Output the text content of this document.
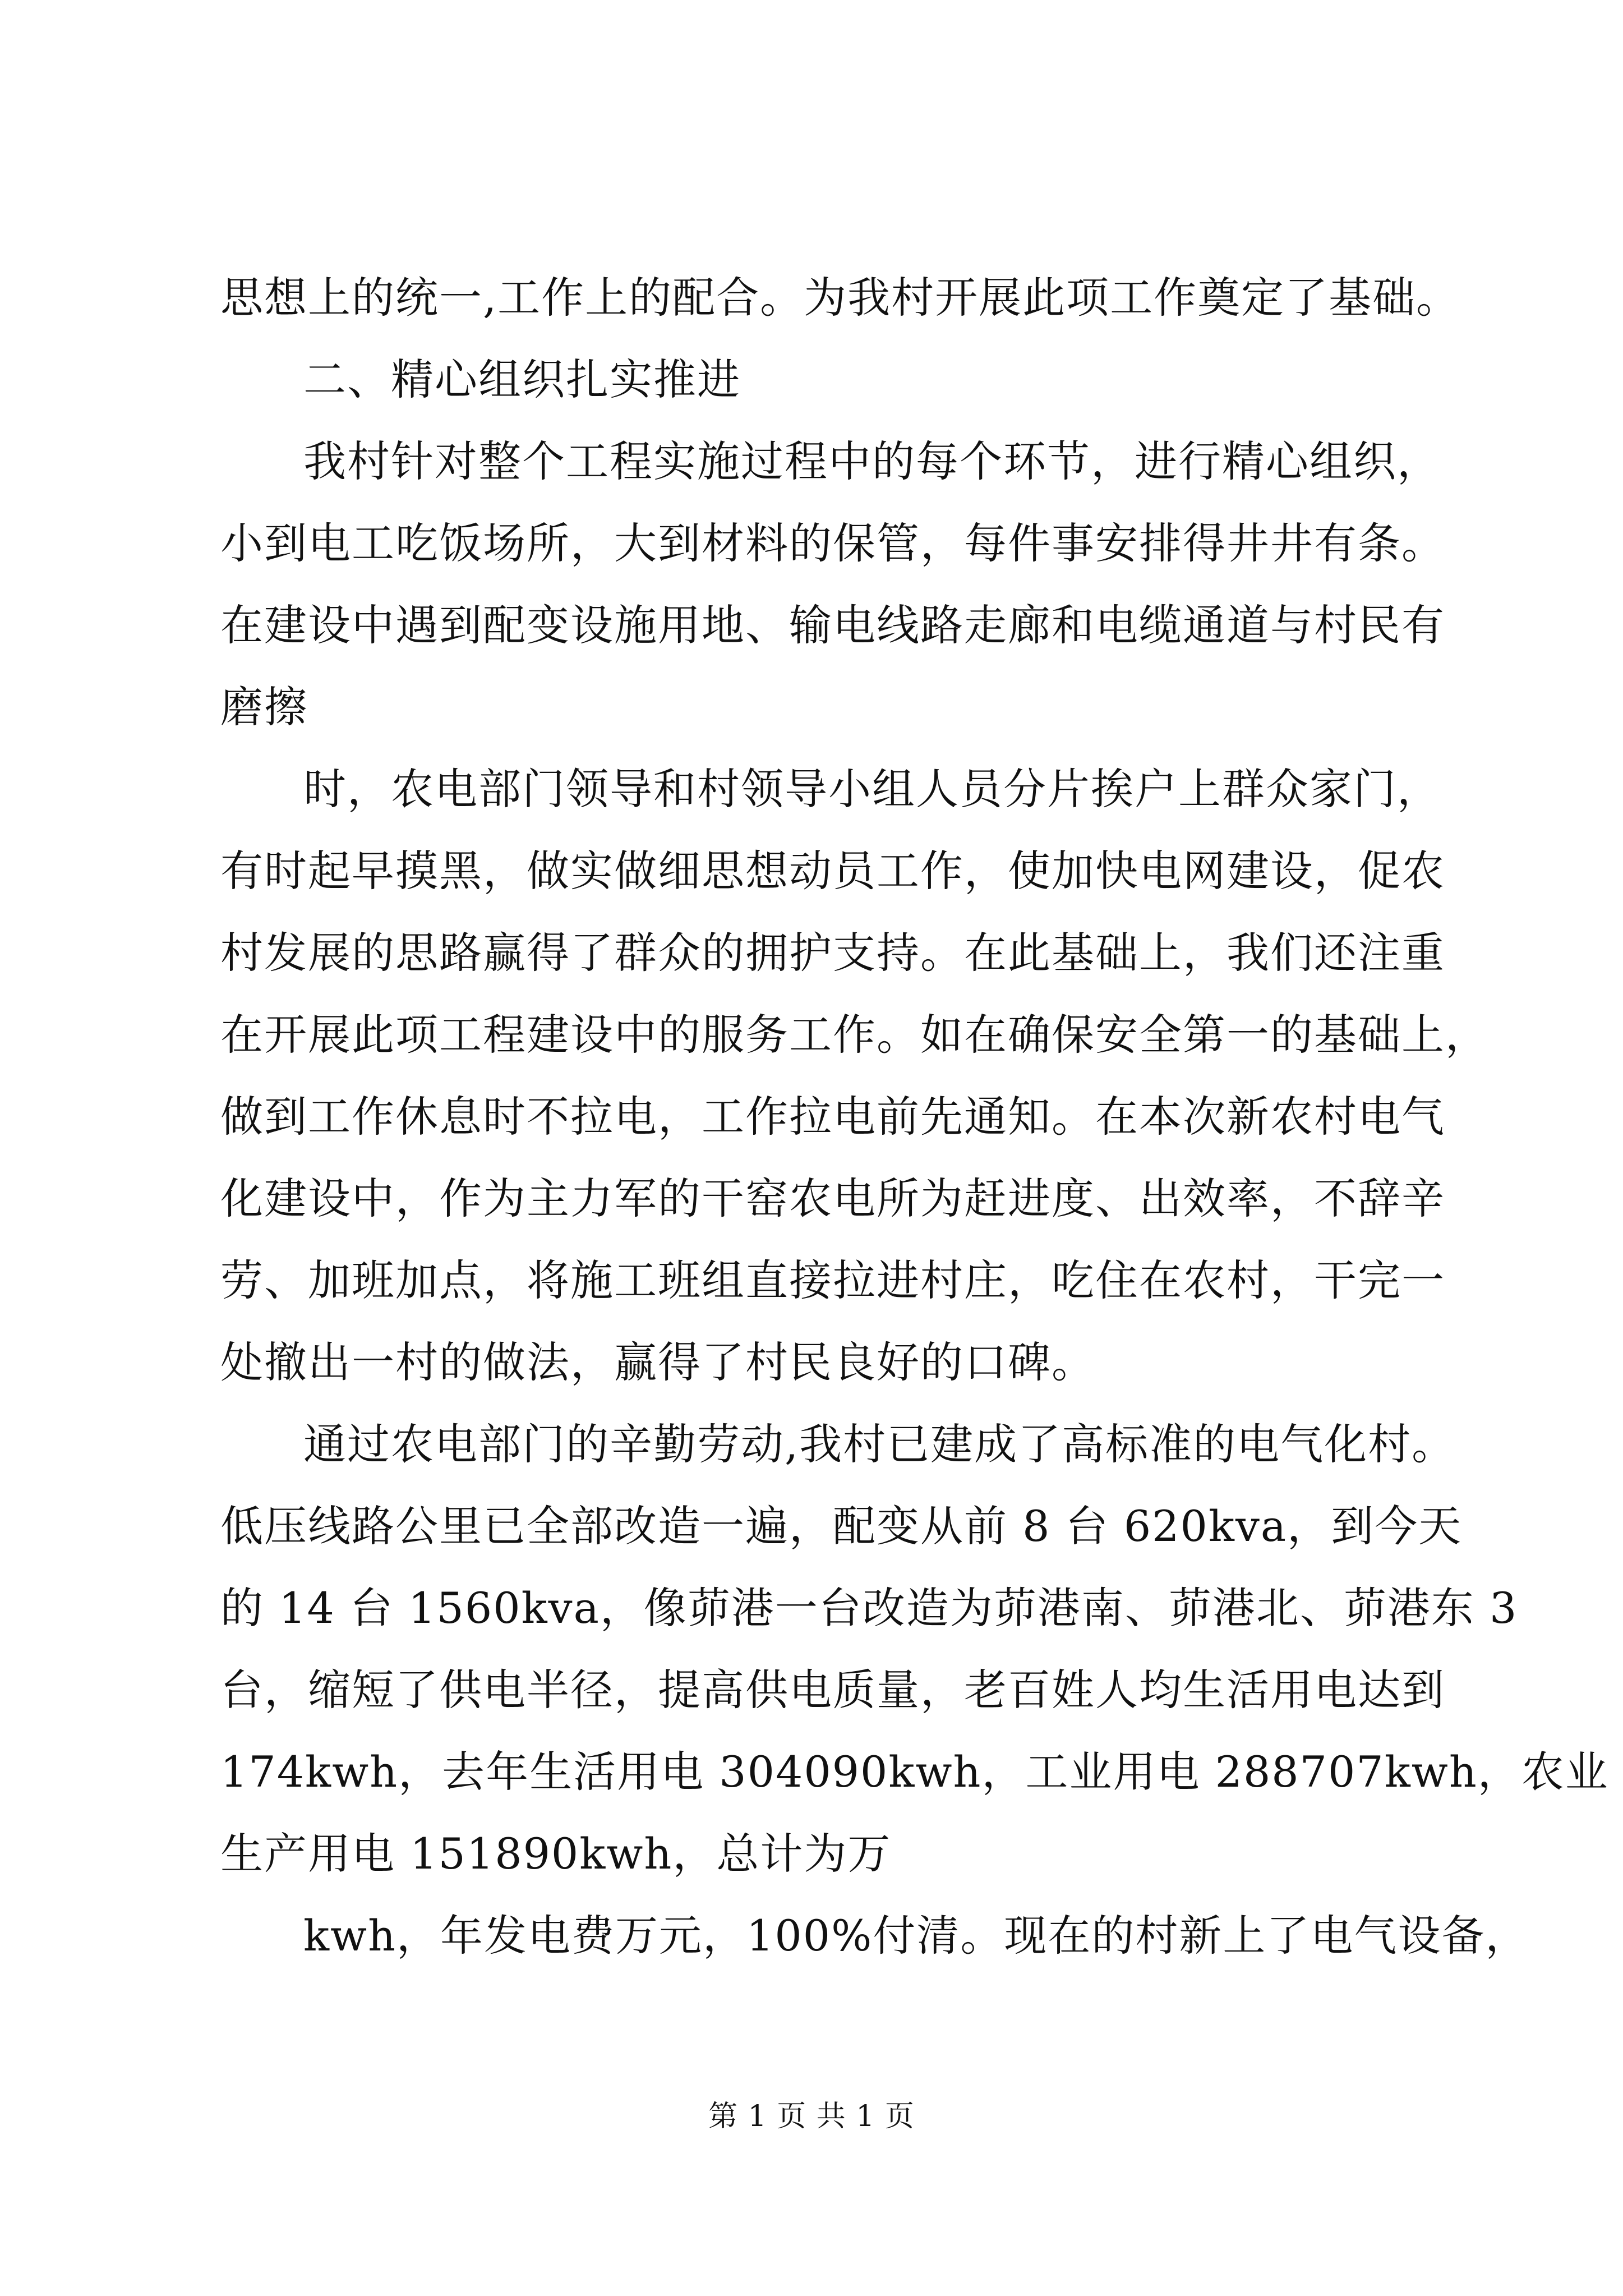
思想上的统一,工作上的配合。为我村开展此项工作奠定了基础。
二、精心组织扎实推进
我村针对整个工程实施过程中的每个环节，进行精心组织，
小到电工吃饭场所，大到材料的保管，每件事安排得井井有条。
在建设中遇到配变设施用地、输电线路走廊和电缆通道与村民有
磨擦
时，农电部门领导和村领导小组人员分片挨户上群众家门，
有时起早摸黑，做实做细思想动员工作，使加快电网建设，促农
村发展的思路赢得了群众的拥护支持。在此基础上，我们还注重
在开展此项工程建设中的服务工作。如在确保安全第一的基础上，
做到工作休息时不拉电，工作拉电前先通知。在本次新农村电气
化建设中，作为主力军的干窑农电所为赶进度、出效率，不辞辛
劳、加班加点，将施工班组直接拉进村庄，吃住在农村，干完一
处撤出一村的做法，赢得了村民良好的口碑。
通过农电部门的辛勤劳动,我村已建成了高标准的电气化村。
低压线路公里已全部改造一遍，配变从前 8 台 620kva，到今天
的 14 台 1560kva，像茆港一台改造为茆港南、茆港北、茆港东 3
台，缩短了供电半径，提高供电质量，老百姓人均生活用电达到
174kwh，去年生活用电 304090kwh，工业用电 288707kwh，农业
生产用电 151890kwh，总计为万
kwh，年发电费万元，100%付清。现在的村新上了电气设备，
第 1 页 共 1 页
